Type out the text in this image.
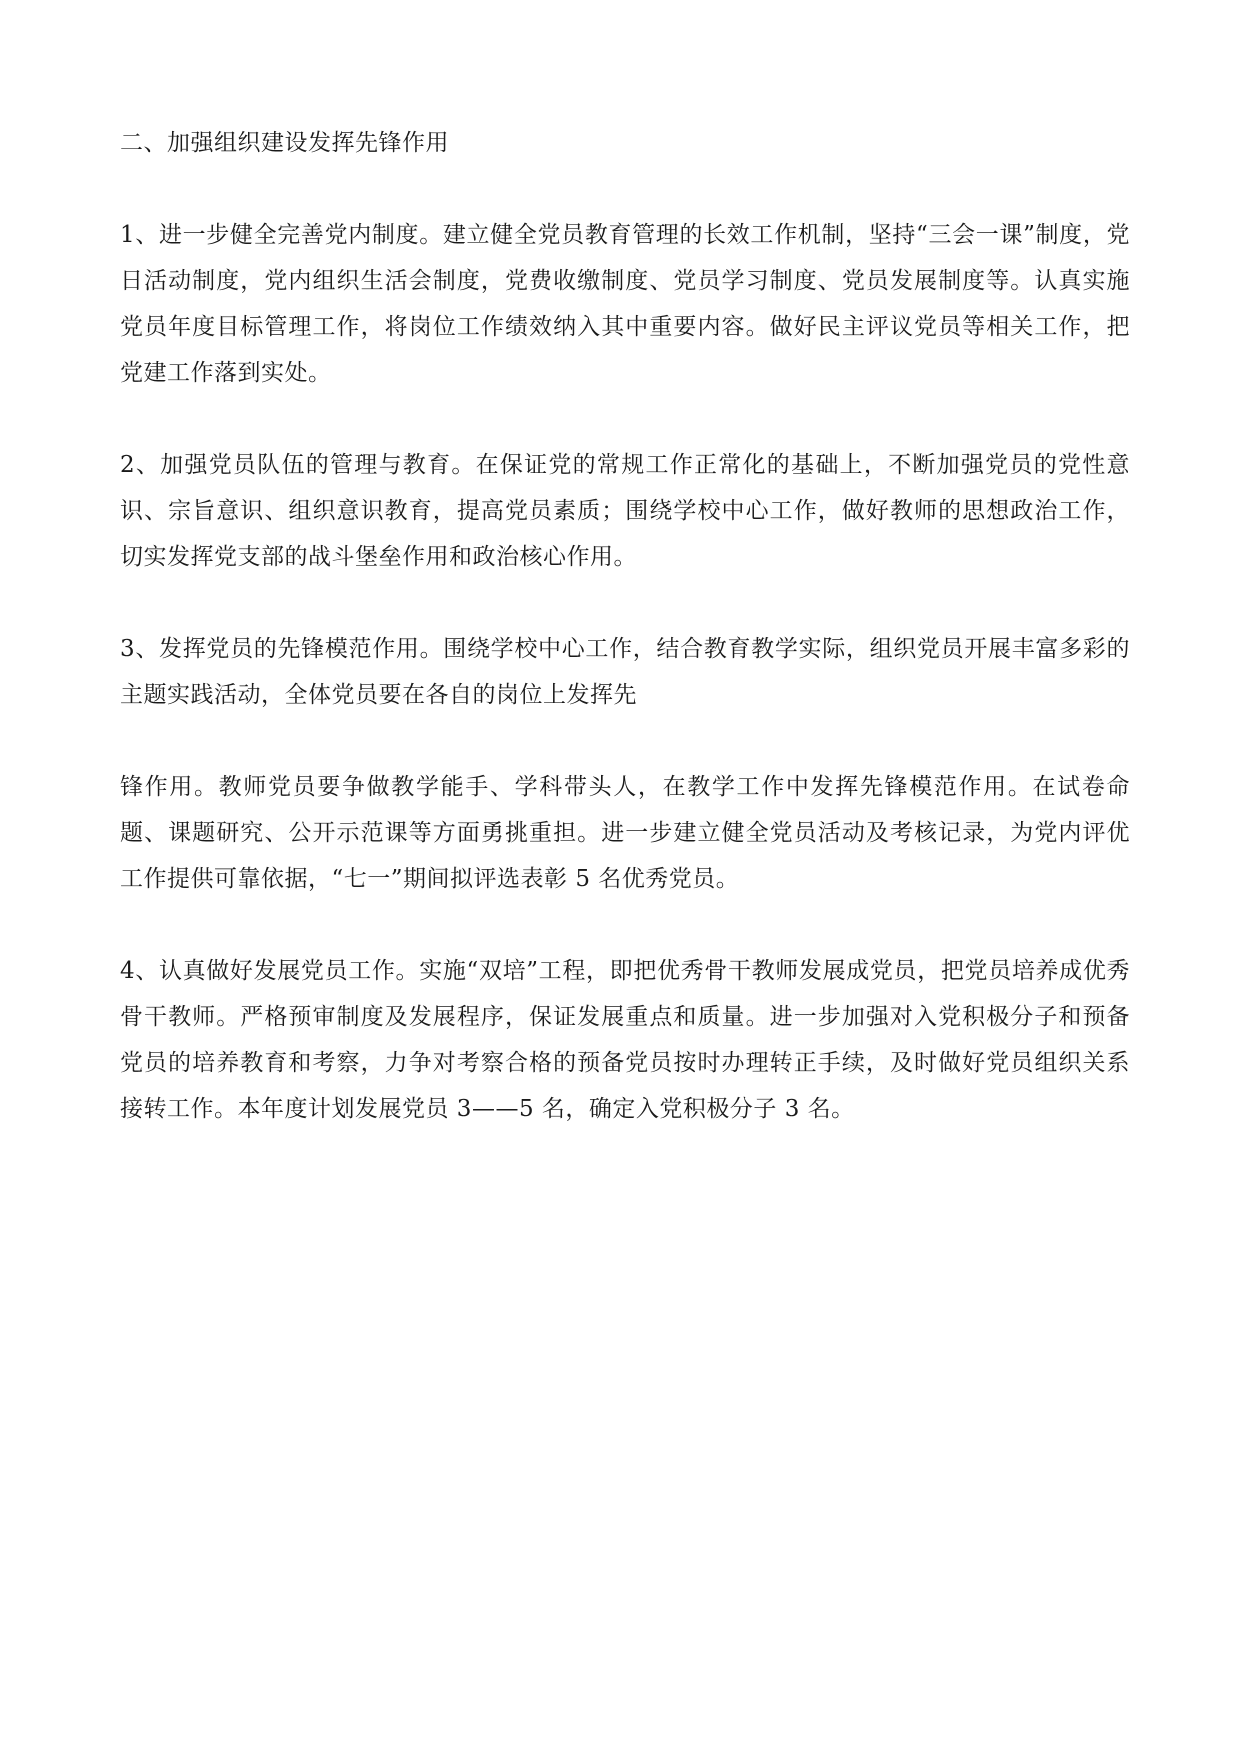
二、加强组织建设发挥先锋作用

1、进一步健全完善党内制度。建立健全党员教育管理的长效工作机制，坚持“三会一课”制度，党日活动制度，党内组织生活会制度，党费收缴制度、党员学习制度、党员发展制度等。认真实施党员年度目标管理工作，将岗位工作绩效纳入其中重要内容。做好民主评议党员等相关工作，把党建工作落到实处。

2、加强党员队伍的管理与教育。在保证党的常规工作正常化的基础上，不断加强党员的党性意识、宗旨意识、组织意识教育，提高党员素质；围绕学校中心工作，做好教师的思想政治工作，切实发挥党支部的战斗堡垒作用和政治核心作用。

3、发挥党员的先锋模范作用。围绕学校中心工作，结合教育教学实际，组织党员开展丰富多彩的主题实践活动，全体党员要在各自的岗位上发挥先

锋作用。教师党员要争做教学能手、学科带头人，在教学工作中发挥先锋模范作用。在试卷命题、课题研究、公开示范课等方面勇挑重担。进一步建立健全党员活动及考核记录，为党内评优工作提供可靠依据，“七一”期间拟评选表彰 5 名优秀党员。

4、认真做好发展党员工作。实施“双培”工程，即把优秀骨干教师发展成党员，把党员培养成优秀骨干教师。严格预审制度及发展程序，保证发展重点和质量。进一步加强对入党积极分子和预备党员的培养教育和考察，力争对考察合格的预备党员按时办理转正手续，及时做好党员组织关系接转工作。本年度计划发展党员 3——5 名，确定入党积极分子 3 名。
